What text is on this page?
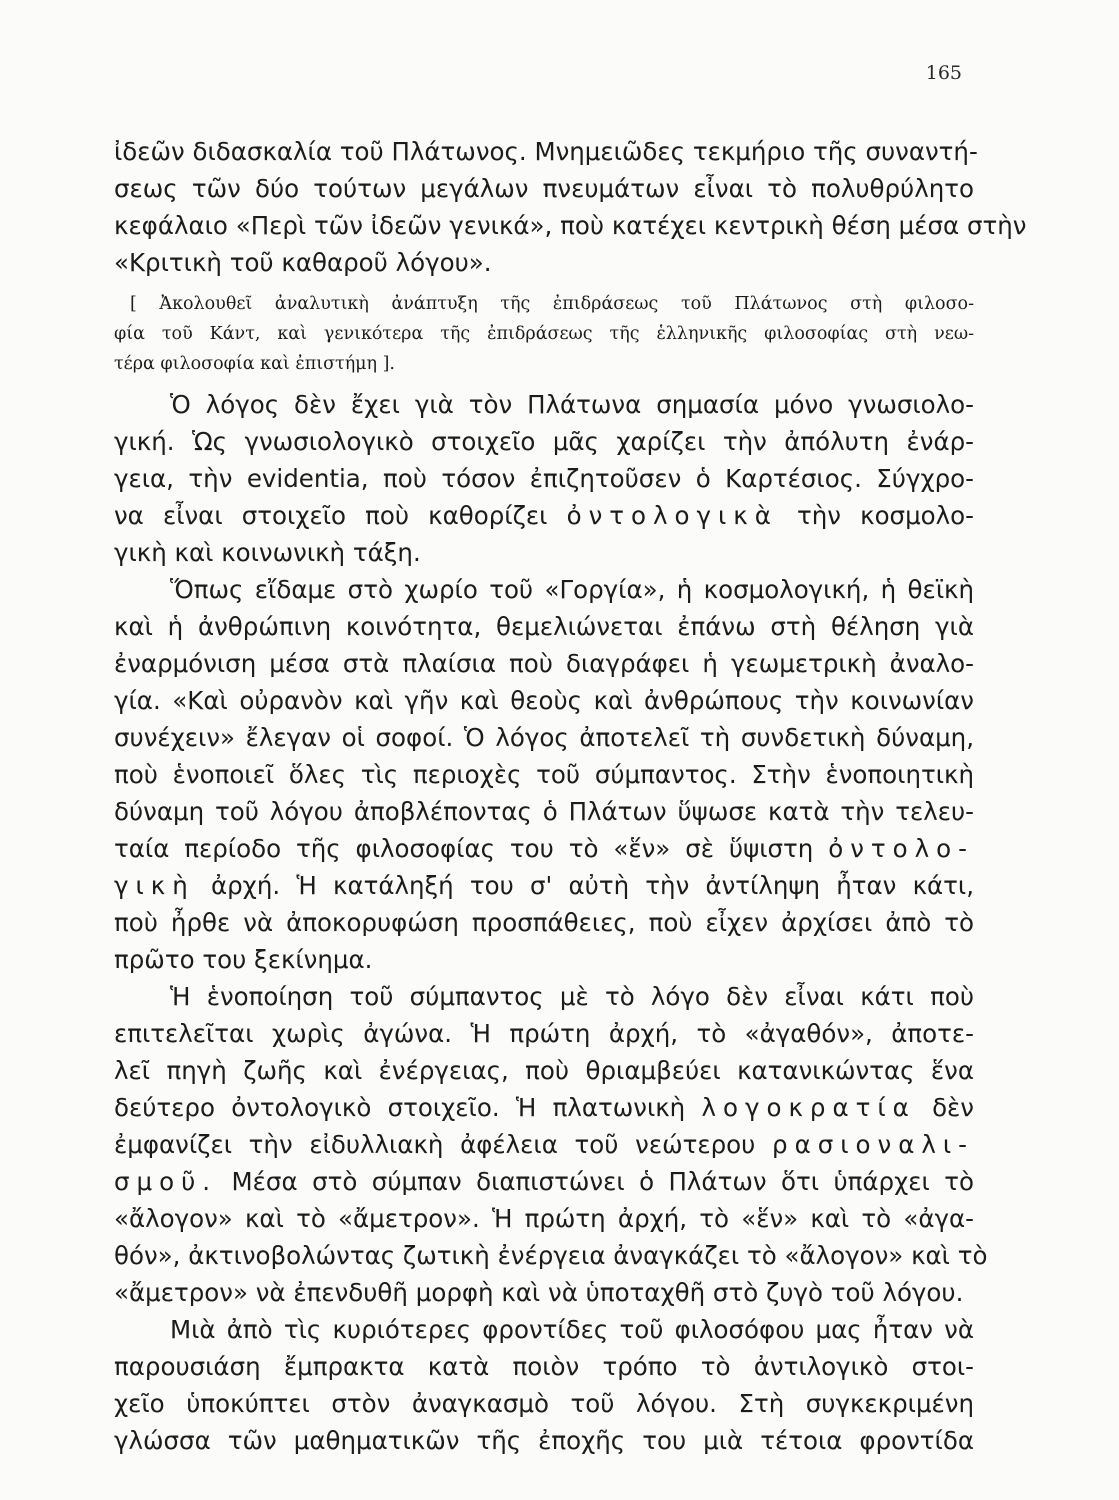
165
ἰδεῶν διδασκαλία τοῦ Πλάτωνος. Μνημειῶδες τεκμήριο τῆς συναντή-
σεως τῶν δύο τούτων μεγάλων πνευμάτων εἶναι τὸ πολυθρύλητο
κεφάλαιο «Περὶ τῶν ἰδεῶν γενικά», ποὺ κατέχει κεντρικὴ θέση μέσα στὴν
«Κριτικὴ τοῦ καθαροῦ λόγου».
[ Ἀκολουθεῖ ἀναλυτικὴ ἀνάπτυξη τῆς ἐπιδράσεως τοῦ Πλάτωνος στὴ φιλοσο-
φία τοῦ Κάντ, καὶ γενικότερα τῆς ἐπιδράσεως τῆς ἑλληνικῆς φιλοσοφίας στὴ νεω-
τέρα φιλοσοφία καὶ ἐπιστήμη ].
Ὁ λόγος δὲν ἔχει γιὰ τὸν Πλάτωνα σημασία μόνο γνωσιολο-
γική. Ὡς γνωσιολογικὸ στοιχεῖο μᾶς χαρίζει τὴν ἀπόλυτη ἐνάρ-
γεια, τὴν evidentia, ποὺ τόσον ἐπιζητοῦσεν ὁ Καρτέσιος. Σύγχρο-
να εἶναι στοιχεῖο ποὺ καθορίζει ὀντολογικὰ τὴν κοσμολο-
γικὴ καὶ κοινωνικὴ τάξη.
Ὅπως εἴδαμε στὸ χωρίο τοῦ «Γοργία», ἡ κοσμολογική, ἡ θεϊκὴ
καὶ ἡ ἀνθρώπινη κοινότητα, θεμελιώνεται ἐπάνω στὴ θέληση γιὰ
ἐναρμόνιση μέσα στὰ πλαίσια ποὺ διαγράφει ἡ γεωμετρικὴ ἀναλο-
γία. «Καὶ οὐρανὸν καὶ γῆν καὶ θεοὺς καὶ ἀνθρώπους τὴν κοινωνίαν
συνέχειν» ἔλεγαν οἱ σοφοί. Ὁ λόγος ἀποτελεῖ τὴ συνδετικὴ δύναμη,
ποὺ ἑνοποιεῖ ὅλες τὶς περιοχὲς τοῦ σύμπαντος. Στὴν ἑνοποιητικὴ
δύναμη τοῦ λόγου ἀποβλέποντας ὁ Πλάτων ὕψωσε κατὰ τὴν τελευ-
ταία περίοδο τῆς φιλοσοφίας του τὸ «ἕν» σὲ ὕψιστη ὀντολο-
γικὴ ἀρχή. Ἡ κατάληξή του σ' αὐτὴ τὴν ἀντίληψη ἦταν κάτι,
ποὺ ἦρθε νὰ ἀποκορυφώση προσπάθειες, ποὺ εἶχεν ἀρχίσει ἀπὸ τὸ
πρῶτο του ξεκίνημα.
Ἡ ἑνοποίηση τοῦ σύμπαντος μὲ τὸ λόγο δὲν εἶναι κάτι ποὺ
επιτελεῖται χωρὶς ἀγώνα. Ἡ πρώτη ἀρχή, τὸ «ἀγαθόν», ἀποτε-
λεῖ πηγὴ ζωῆς καὶ ἐνέργειας, ποὺ θριαμβεύει κατανικώντας ἕνα
δεύτερο ὀντολογικὸ στοιχεῖο. Ἡ πλατωνικὴ λογοκρατία δὲν
ἐμφανίζει τὴν εἰδυλλιακὴ ἀφέλεια τοῦ νεώτερου ρασιοναλι-
σμοῦ. Μέσα στὸ σύμπαν διαπιστώνει ὁ Πλάτων ὅτι ὑπάρχει τὸ
«ἄλογον» καὶ τὸ «ἄμετρον». Ἡ πρώτη ἀρχή, τὸ «ἕν» καὶ τὸ «ἀγα-
θόν», ἀκτινοβολώντας ζωτικὴ ἐνέργεια ἀναγκάζει τὸ «ἄλογον» καὶ τὸ
«ἄμετρον» νὰ ἐπενδυθῆ μορφὴ καὶ νὰ ὑποταχθῆ στὸ ζυγὸ τοῦ λόγου.
Μιὰ ἀπὸ τὶς κυριότερες φροντίδες τοῦ φιλοσόφου μας ἦταν νὰ
παρουσιάση ἔμπρακτα κατὰ ποιὸν τρόπο τὸ ἀντιλογικὸ στοι-
χεῖο ὑποκύπτει στὸν ἀναγκασμὸ τοῦ λόγου. Στὴ συγκεκριμένη
γλώσσα τῶν μαθηματικῶν τῆς ἐποχῆς του μιὰ τέτοια φροντίδα
